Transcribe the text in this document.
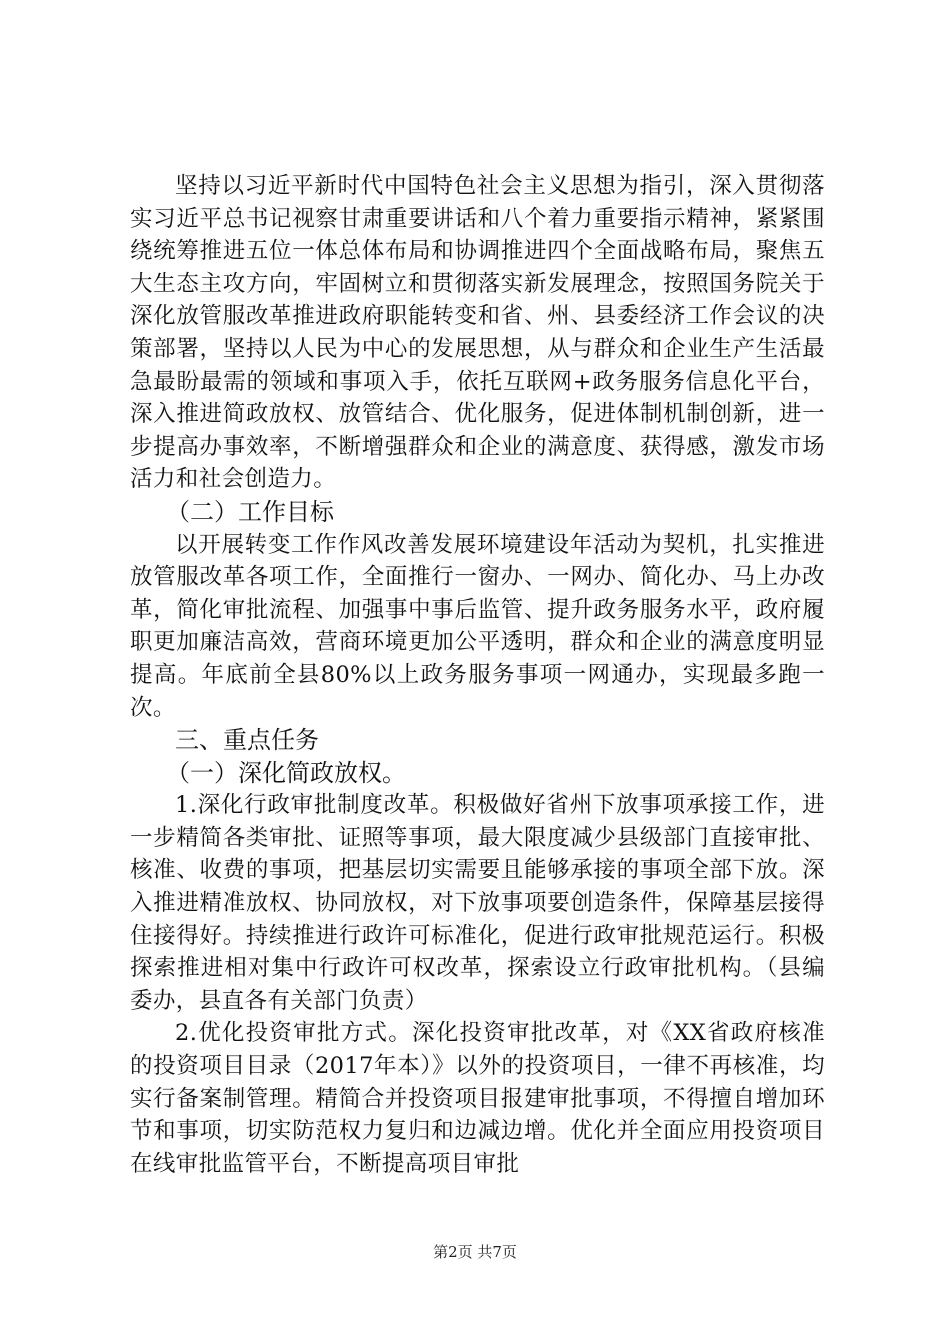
坚持以习近平新时代中国特色社会主义思想为指引，深入贯彻落实习近平总书记视察甘肃重要讲话和八个着力重要指示精神，紧紧围绕统筹推进五位一体总体布局和协调推进四个全面战略布局，聚焦五大生态主攻方向，牢固树立和贯彻落实新发展理念，按照国务院关于深化放管服改革推进政府职能转变和省、州、县委经济工作会议的决策部署，坚持以人民为中心的发展思想，从与群众和企业生产生活最急最盼最需的领域和事项入手，依托互联网+政务服务信息化平台，深入推进简政放权、放管结合、优化服务，促进体制机制创新，进一步提高办事效率，不断增强群众和企业的满意度、获得感，激发市场活力和社会创造力。

（二）工作目标

以开展转变工作作风改善发展环境建设年活动为契机，扎实推进放管服改革各项工作，全面推行一窗办、一网办、简化办、马上办改革，简化审批流程、加强事中事后监管、提升政务服务水平，政府履职更加廉洁高效，营商环境更加公平透明，群众和企业的满意度明显提高。年底前全县80%以上政务服务事项一网通办，实现最多跑一次。

三、重点任务
（一）深化简政放权。

1.深化行政审批制度改革。积极做好省州下放事项承接工作，进一步精简各类审批、证照等事项，最大限度减少县级部门直接审批、核准、收费的事项，把基层切实需要且能够承接的事项全部下放。深入推进精准放权、协同放权，对下放事项要创造条件，保障基层接得住接得好。持续推进行政许可标准化，促进行政审批规范运行。积极探索推进相对集中行政许可权改革，探索设立行政审批机构。（县编委办，县直各有关部门负责）

2.优化投资审批方式。深化投资审批改革，对《XX省政府核准的投资项目目录（2017年本）》以外的投资项目，一律不再核准，均实行备案制管理。精简合并投资项目报建审批事项，不得擅自增加环节和事项，切实防范权力复归和边减边增。优化并全面应用投资项目在线审批监管平台，不断提高项目审批

第2页 共7页
